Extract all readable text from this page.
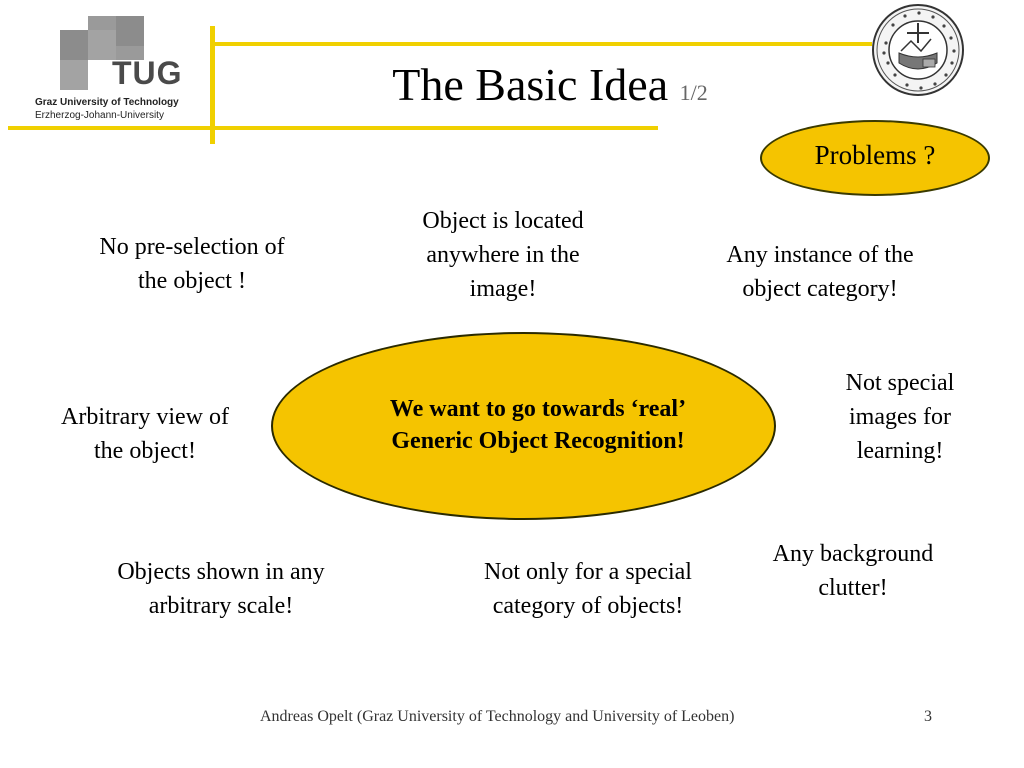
TUG
Graz University of Technology
Erzherzog-Johann-University
The Basic Idea 1/2
Problems ?
We want to go towards ‘real’
Generic Object Recognition!
No pre-selection of
the object !
Object is located
anywhere in the
image!
Any instance of the
object category!
Not special
images for
learning!
Arbitrary view of
the object!
Any background
clutter!
Objects shown in any
arbitrary scale!
Not only for a special
category of objects!
Andreas Opelt (Graz University of Technology and University of Leoben)	3
